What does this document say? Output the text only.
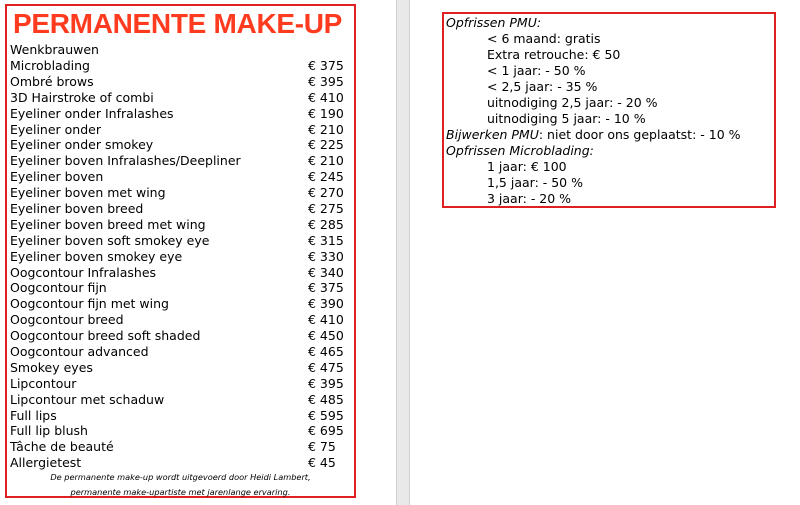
PERMANENTE MAKE-UP
Wenkbrauwen
Microblading	€ 375
Ombré brows	€ 395
3D Hairstroke of combi	€ 410
Eyeliner onder Infralashes	€ 190
Eyeliner onder	€ 210
Eyeliner onder smokey	€ 225
Eyeliner boven Infralashes/Deepliner	€ 210
Eyeliner boven	€ 245
Eyeliner boven met wing	€ 270
Eyeliner boven breed	€ 275
Eyeliner boven breed met wing	€ 285
Eyeliner boven soft smokey eye	€ 315
Eyeliner boven smokey eye	€ 330
Oogcontour Infralashes	€ 340
Oogcontour fijn	€ 375
Oogcontour fijn met wing	€ 390
Oogcontour breed	€ 410
Oogcontour breed soft shaded	€ 450
Oogcontour advanced	€ 465
Smokey eyes	€ 475
Lipcontour	€ 395
Lipcontour met schaduw	€ 485
Full lips	€ 595
Full lip blush	€ 695
Tâche de beauté	€ 75
Allergietest	€ 45
De permanente make-up wordt uitgevoerd door Heidi Lambert,
permanente make-upartiste met jarenlange ervaring.
Opfrissen PMU:
< 6 maand: gratis
Extra retrouche: € 50
< 1 jaar: - 50 %
< 2,5 jaar: - 35 %
uitnodiging 2,5 jaar: - 20 %
uitnodiging 5 jaar: - 10 %
Bijwerken PMU: niet door ons geplaatst: - 10 %
Opfrissen Microblading:
1 jaar: € 100
1,5 jaar: - 50 %
3 jaar: - 20 %
